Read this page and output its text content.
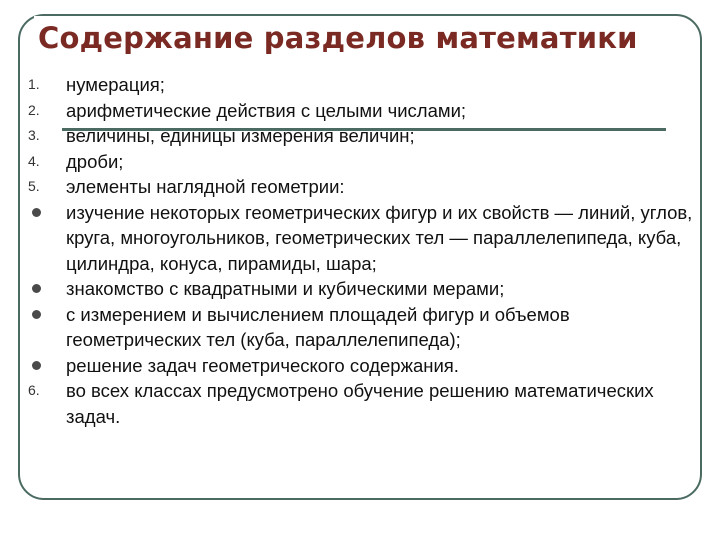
Содержание разделов математики
1.	нумерация;
2.	арифметические действия с целыми числами;
3.	величины, единицы измерения величин;
4.	дроби;
5.	элементы наглядной геометрии:
изучение некоторых геометрических фигур и их свойств — линий, углов, круга, многоугольников, геометрических тел — параллелепипеда, куба, цилиндра, конуса, пирамиды, шара;
знакомство с квадратными и кубическими мерами;
с измерением и вычислением площадей фигур и объемов геометрических тел (куба, параллелепипеда);
решение задач геометрического содержания.
6.	во всех классах предусмотрено обучение решению математических задач.
